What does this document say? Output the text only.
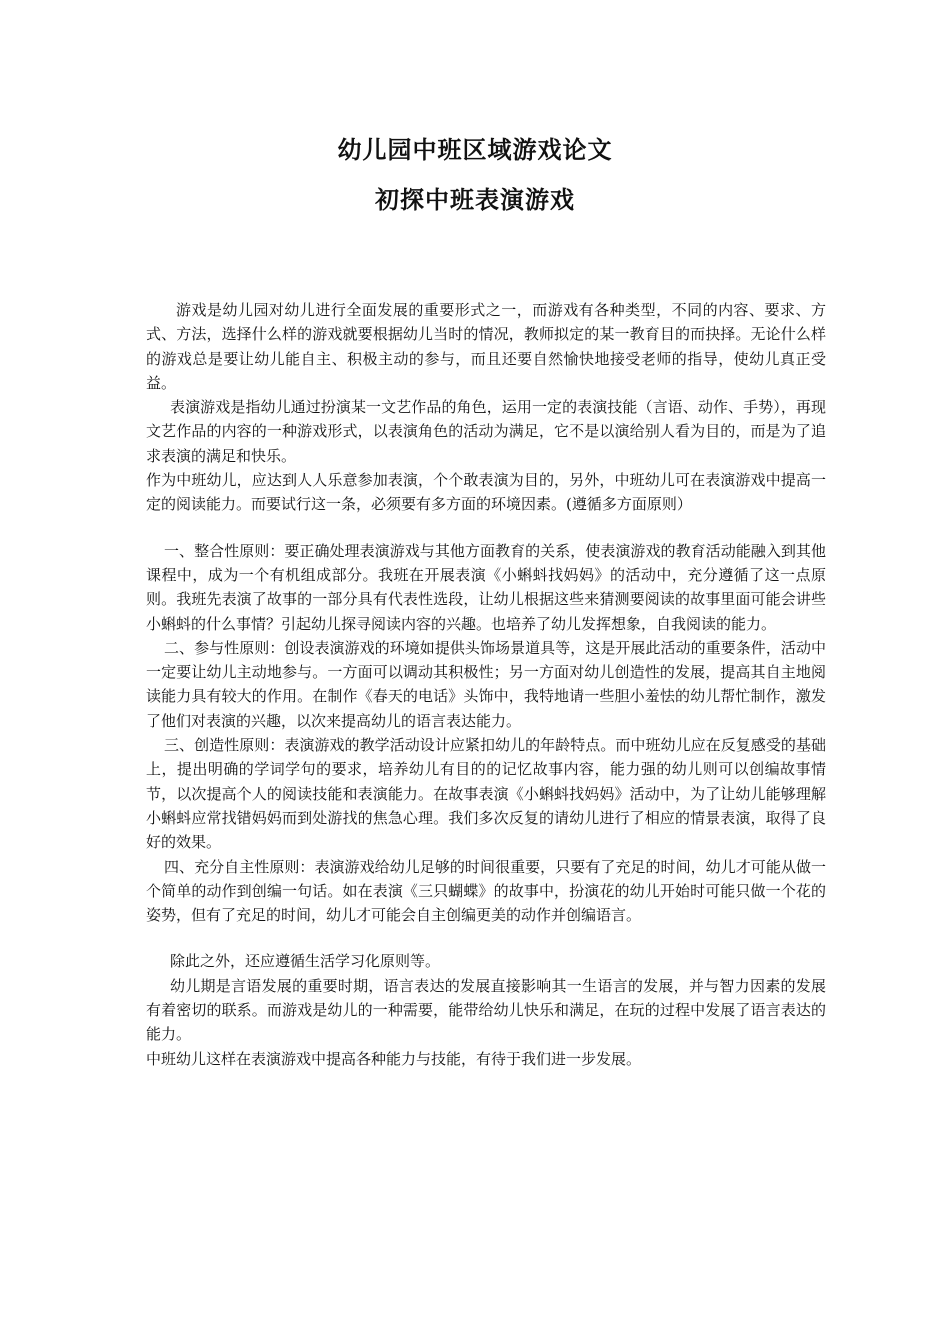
幼儿园中班区域游戏论文
初探中班表演游戏

游戏是幼儿园对幼儿进行全面发展的重要形式之一，而游戏有各种类型，不同的内容、要求、方式、方法，选择什么样的游戏就要根据幼儿当时的情况，教师拟定的某一教育目的而抉择。无论什么样的游戏总是要让幼儿能自主、积极主动的参与，而且还要自然愉快地接受老师的指导，使幼儿真正受益。

表演游戏是指幼儿通过扮演某一文艺作品的角色，运用一定的表演技能（言语、动作、手势），再现文艺作品的内容的一种游戏形式，以表演角色的活动为满足，它不是以演给别人看为目的，而是为了追求表演的满足和快乐。

作为中班幼儿，应达到人人乐意参加表演，个个敢表演为目的，另外，中班幼儿可在表演游戏中提高一定的阅读能力。而要试行这一条，必须要有多方面的环境因素。(遵循多方面原则）

一、整合性原则：要正确处理表演游戏与其他方面教育的关系，使表演游戏的教育活动能融入到其他课程中，成为一个有机组成部分。我班在开展表演《小蝌蚪找妈妈》的活动中，充分遵循了这一点原则。我班先表演了故事的一部分具有代表性选段，让幼儿根据这些来猜测要阅读的故事里面可能会讲些小蝌蚪的什么事情？引起幼儿探寻阅读内容的兴趣。也培养了幼儿发挥想象，自我阅读的能力。

二、参与性原则：创设表演游戏的环境如提供头饰场景道具等，这是开展此活动的重要条件，活动中一定要让幼儿主动地参与。一方面可以调动其积极性；另一方面对幼儿创造性的发展，提高其自主地阅读能力具有较大的作用。在制作《春天的电话》头饰中，我特地请一些胆小羞怯的幼儿帮忙制作，激发了他们对表演的兴趣，以次来提高幼儿的语言表达能力。

三、创造性原则：表演游戏的教学活动设计应紧扣幼儿的年龄特点。而中班幼儿应在反复感受的基础上，提出明确的学词学句的要求，培养幼儿有目的的记忆故事内容，能力强的幼儿则可以创编故事情节，以次提高个人的阅读技能和表演能力。在故事表演《小蝌蚪找妈妈》活动中，为了让幼儿能够理解小蝌蚪应常找错妈妈而到处游找的焦急心理。我们多次反复的请幼儿进行了相应的情景表演，取得了良好的效果。

四、充分自主性原则：表演游戏给幼儿足够的时间很重要，只要有了充足的时间，幼儿才可能从做一个简单的动作到创编一句话。如在表演《三只蝴蝶》的故事中，扮演花的幼儿开始时可能只做一个花的姿势，但有了充足的时间，幼儿才可能会自主创编更美的动作并创编语言。

除此之外，还应遵循生活学习化原则等。

幼儿期是言语发展的重要时期，语言表达的发展直接影响其一生语言的发展，并与智力因素的发展有着密切的联系。而游戏是幼儿的一种需要，能带给幼儿快乐和满足，在玩的过程中发展了语言表达的能力。

中班幼儿这样在表演游戏中提高各种能力与技能，有待于我们进一步发展。
